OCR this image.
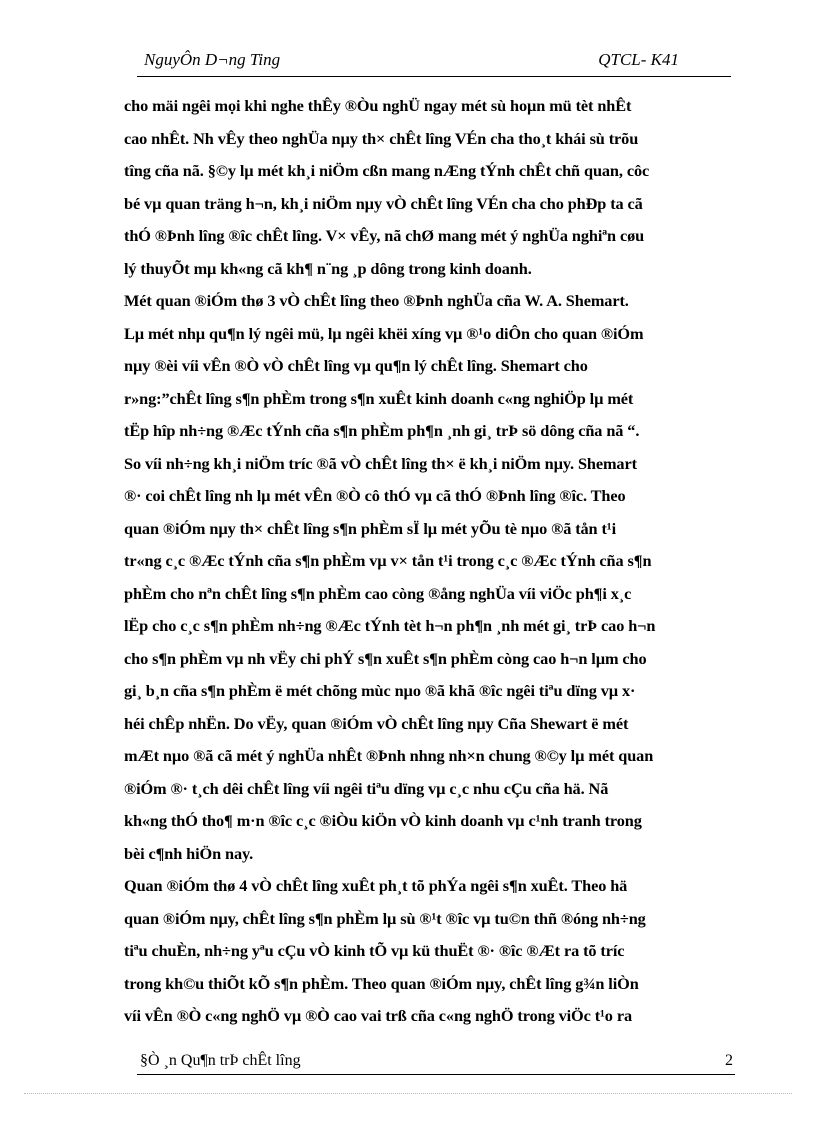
NguyÔn D¬ng Ting	QTCL- K41
cho mäi ngêi mọi khi nghe thÊy ®Òu nghÜ ngay mét sù hoµn mü tèt nhÊt
cao nhÊt. Nh vÊy theo nghÜa nµy th× chÊt lîng VÉn cha tho¸t khái sù trõu
tîng cña nã. §©y lµ mét kh¸i niÖm cßn mang nÆng tÝnh chÊt chñ quan, côc
bé vµ quan träng h¬n, kh¸i niÖm nµy vÒ chÊt lîng VÉn cha cho phÐp ta cã
thÓ ®Þnh lîng ®îc chÊt lîng. V× vÊy, nã chØ mang mét ý nghÜa nghiªn cøu
lý thuyÕt mµ kh«ng cã kh¶ n¨ng ¸p dông trong kinh doanh.
Mét quan ®iÓm thø 3 vÒ chÊt lîng theo ®Þnh nghÜa cña W. A. Shemart.
Lµ mét nhµ qu¶n lý ngêi mü, lµ ngêi khëi xíng vµ ®¹o diÔn cho quan ®iÓm
nµy ®èi víi vÊn ®Ò vÒ chÊt lîng vµ qu¶n lý chÊt lîng. Shemart cho
r»ng:”chÊt lîng s¶n phÈm trong s¶n xuÊt kinh doanh c«ng nghiÖp lµ mét
tËp hîp nh÷ng ®Æc tÝnh cña s¶n phÈm ph¶n ¸nh gi¸ trÞ sö dông cña nã “.
So víi nh÷ng kh¸i niÖm tríc ®ã vÒ chÊt lîng th× ë kh¸i niÖm nµy. Shemart
®· coi chÊt lîng nh lµ mét vÊn ®Ò cô thÓ vµ cã thÓ ®Þnh lîng ®îc. Theo
quan ®iÓm nµy th× chÊt lîng s¶n phÈm sÏ lµ mét yÕu tè nµo ®ã tån t¹i
tr«ng c¸c ®Æc tÝnh cña s¶n phÈm vµ v× tån t¹i trong c¸c ®Æc tÝnh cña s¶n
phÈm cho nªn chÊt lîng s¶n phÈm cao còng ®ång nghÜa víi viÖc ph¶i x¸c
lËp cho c¸c s¶n phÈm nh÷ng ®Æc tÝnh tèt h¬n ph¶n ¸nh mét gi¸ trÞ cao h¬n
cho s¶n phÈm vµ nh vËy chi phÝ s¶n xuÊt s¶n phÈm còng cao h¬n lµm cho
gi¸ b¸n cña s¶n phÈm ë mét chõng mùc nµo ®ã khã ®îc ngêi tiªu dïng vµ x·
héi chÊp nhËn. Do vËy, quan ®iÓm vÒ chÊt lîng nµy Cña Shewart ë mét
mÆt nµo ®ã cã mét ý nghÜa nhÊt ®Þnh nhng nh×n chung ®©y lµ mét quan
®iÓm ®· t¸ch dêi chÊt lîng víi ngêi tiªu dïng vµ c¸c nhu cÇu cña hä. Nã
kh«ng thÓ tho¶ m·n ®îc c¸c ®iÒu kiÖn vÒ kinh doanh vµ c¹nh tranh trong
bèi c¶nh hiÖn nay.
Quan ®iÓm thø 4 vÒ chÊt lîng xuÊt ph¸t tõ phÝa ngêi s¶n xuÊt. Theo hä
quan ®iÓm nµy, chÊt lîng s¶n phÈm lµ sù ®¹t ®îc vµ tu©n thñ ®óng nh÷ng
tiªu chuÈn, nh÷ng yªu cÇu vÒ kinh tÕ vµ kü thuËt ®· ®îc ®Æt ra tõ tríc
trong kh©u thiÕt kÕ s¶n phÈm. Theo quan ®iÓm nµy, chÊt lîng g¾n liÒn
víi vÊn ®Ò c«ng nghÖ vµ ®Ò cao vai trß cña c«ng nghÖ trong viÖc t¹o ra
§Ò ¸n Qu¶n trÞ chÊt lîng	2
